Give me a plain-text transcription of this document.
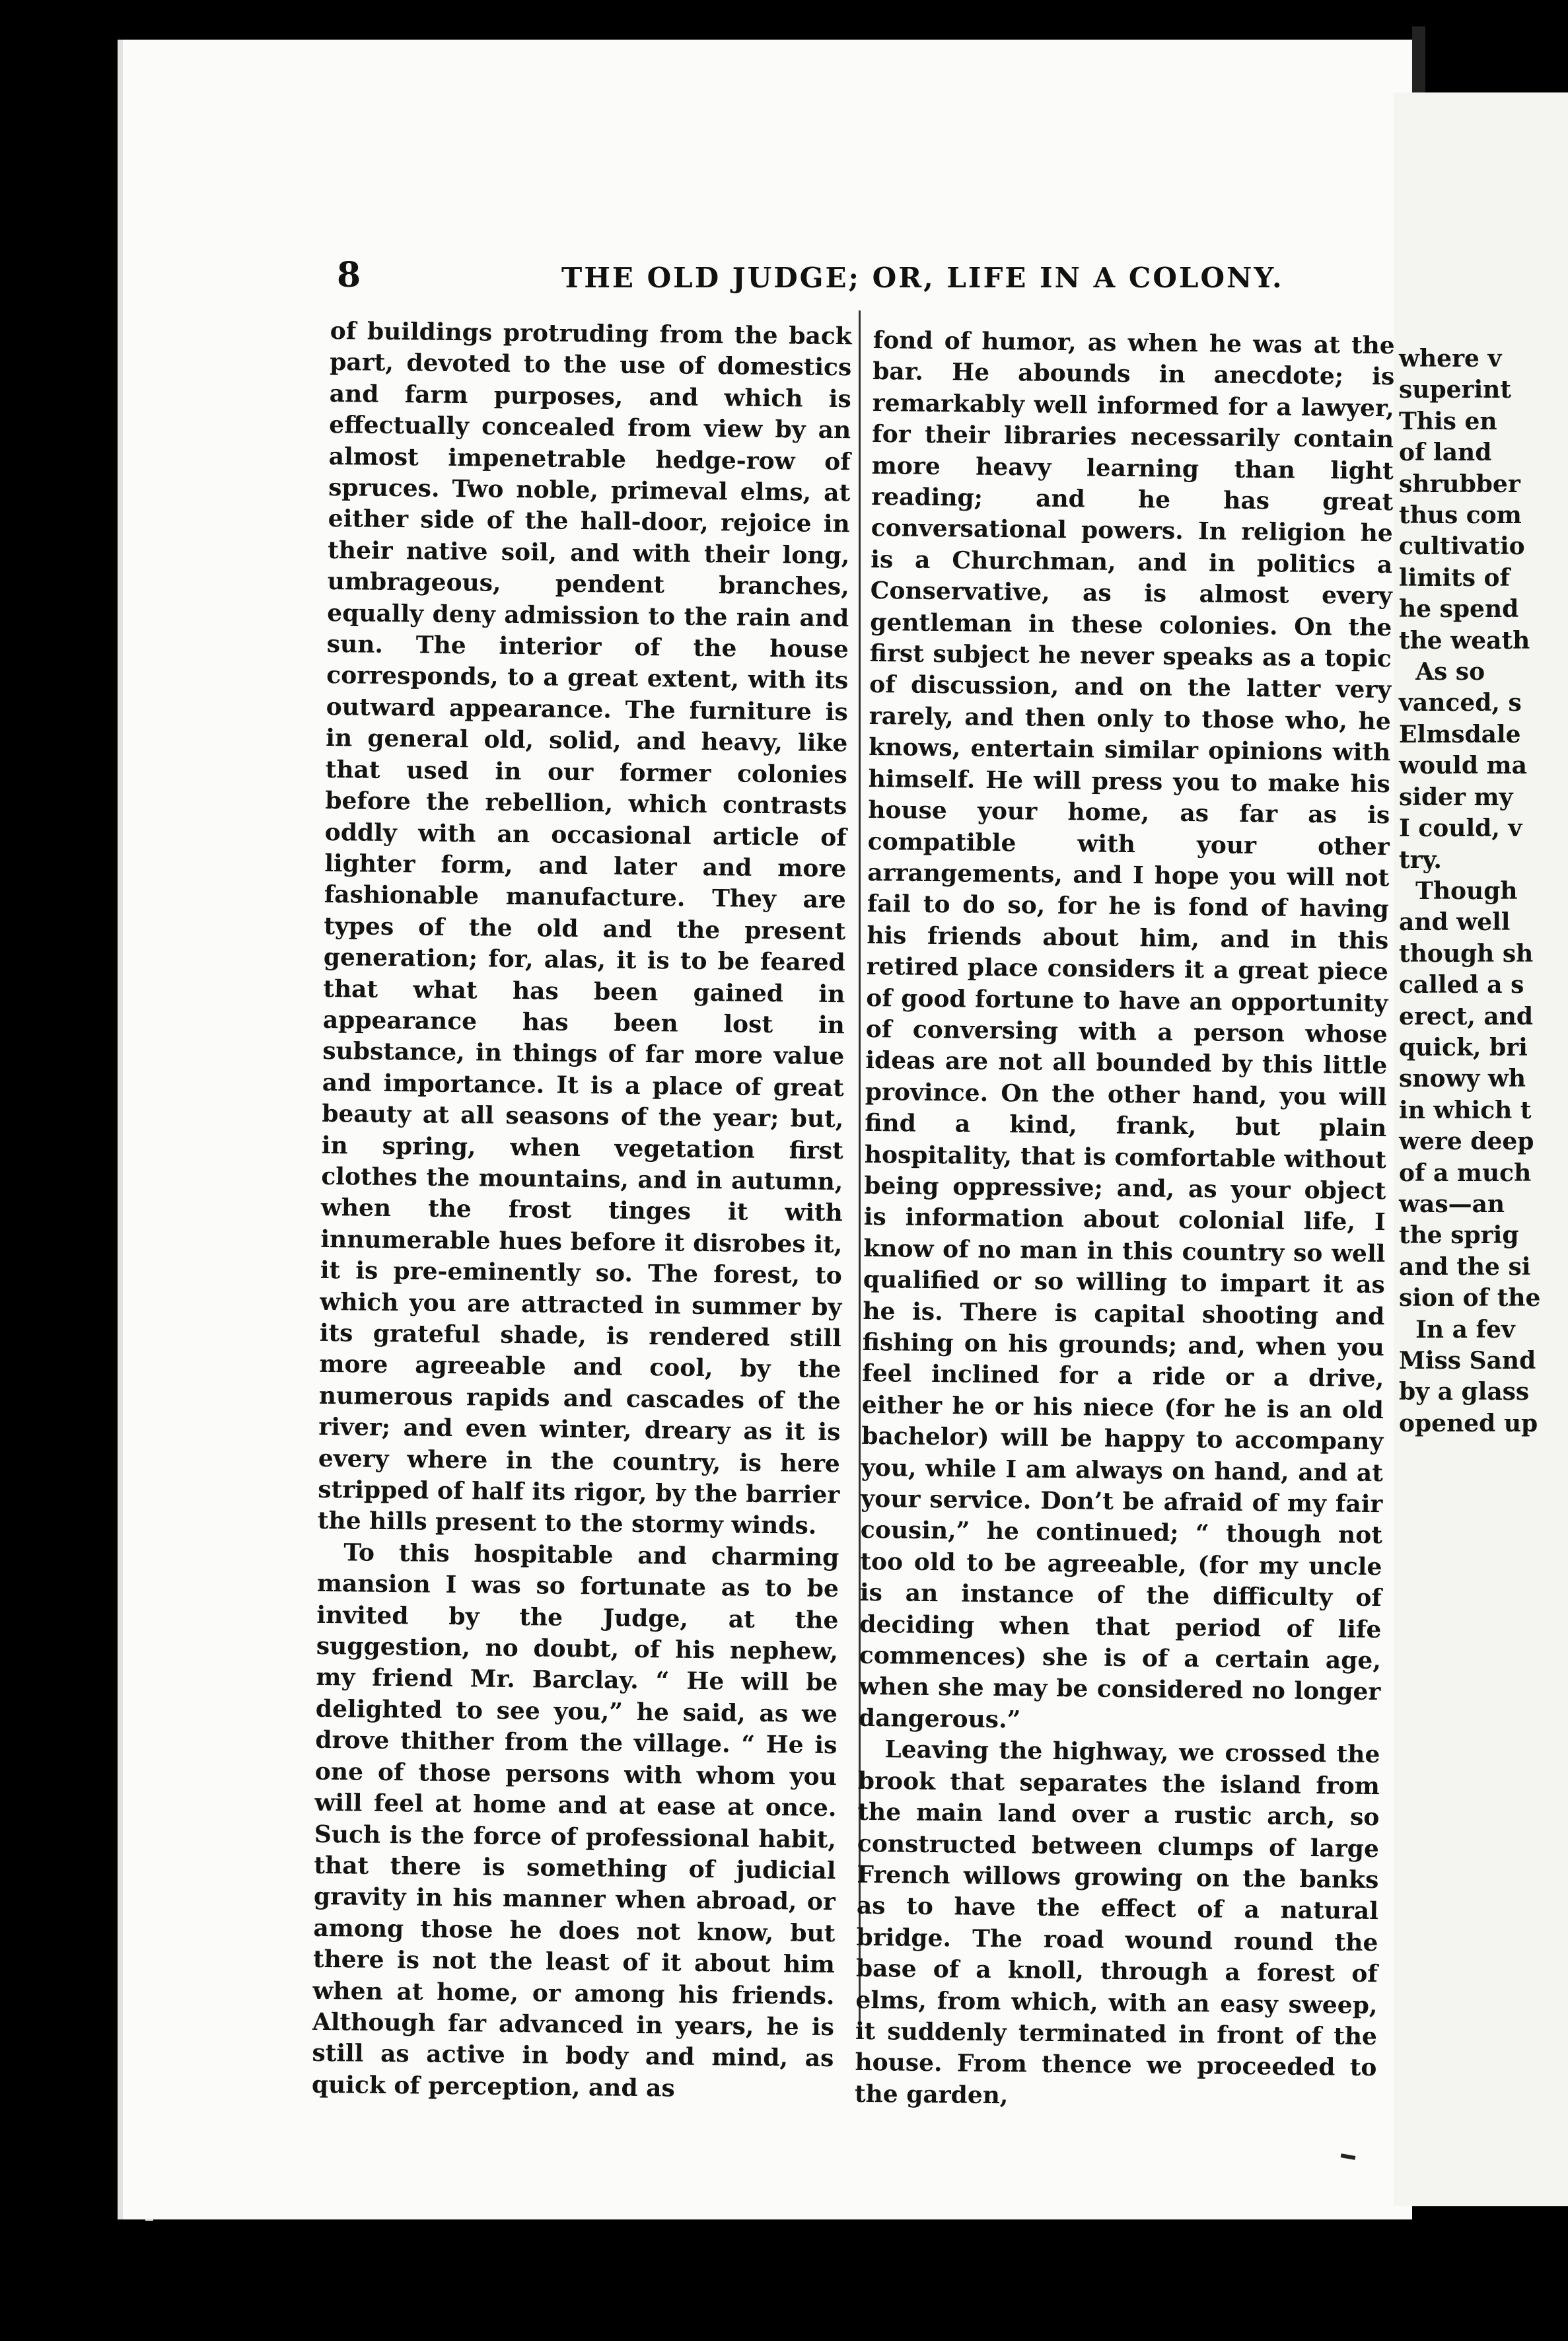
where v
superint
This en
of land
shrubber
thus com
cultivatio
limits of
he spend
the weath
As so
vanced, s
Elmsdale
would ma
sider my
I could, v
try.
Though
and well
though sh
called a s
erect, and
quick, bri
snowy wh
in which t
were deep
of a much
was—an
the sprig
and the si
sion of the
In a fev
Miss Sand
by a glass
opened up
8	THE OLD JUDGE; OR, LIFE IN A COLONY.

of buildings protruding from the back part, devoted to the use of domestics and farm purposes, and which is effectually concealed from view by an almost impenetrable hedge-row of spruces. Two noble, primeval elms, at either side of the hall-door, rejoice in their native soil, and with their long, umbrageous, pendent branches, equally deny admission to the rain and sun. The interior of the house corresponds, to a great extent, with its outward appearance. The furniture is in general old, solid, and heavy, like that used in our former colonies before the rebellion, which contrasts oddly with an occasional article of lighter form, and later and more fashionable manufacture. They are types of the old and the present generation; for, alas, it is to be feared that what has been gained in appearance has been lost in substance, in things of far more value and importance. It is a place of great beauty at all seasons of the year; but, in spring, when vegetation first clothes the mountains, and in autumn, when the frost tinges it with innumerable hues before it disrobes it, it is pre-eminently so. The forest, to which you are attracted in summer by its grateful shade, is rendered still more agreeable and cool, by the numerous rapids and cascades of the river; and even winter, dreary as it is every where in the country, is here stripped of half its rigor, by the barrier the hills present to the stormy winds.

To this hospitable and charming mansion I was so fortunate as to be invited by the Judge, at the suggestion, no doubt, of his nephew, my friend Mr. Barclay. “ He will be delighted to see you,” he said, as we drove thither from the village. “ He is one of those persons with whom you will feel at home and at ease at once. Such is the force of professional habit, that there is something of judicial gravity in his manner when abroad, or among those he does not know, but there is not the least of it about him when at home, or among his friends. Although far advanced in years, he is still as active in body and mind, as quick of perception, and as

fond of humor, as when he was at the bar. He abounds in anecdote; is remarkably well informed for a lawyer, for their libraries necessarily contain more heavy learning than light reading; and he has great conversational powers. In religion he is a Churchman, and in politics a Conservative, as is almost every gentleman in these colonies. On the first subject he never speaks as a topic of discussion, and on the latter very rarely, and then only to those who, he knows, entertain similar opinions with himself. He will press you to make his house your home, as far as is compatible with your other arrangements, and I hope you will not fail to do so, for he is fond of having his friends about him, and in this retired place considers it a great piece of good fortune to have an opportunity of conversing with a person whose ideas are not all bounded by this little province. On the other hand, you will find a kind, frank, but plain hospitality, that is comfortable without being oppressive; and, as your object is information about colonial life, I know of no man in this country so well qualified or so willing to impart it as he is. There is capital shooting and fishing on his grounds; and, when you feel inclined for a ride or a drive, either he or his niece (for he is an old bachelor) will be happy to accompany you, while I am always on hand, and at your service. Don’t be afraid of my fair cousin,” he continued; “ though not too old to be agreeable, (for my uncle is an instance of the difficulty of deciding when that period of life commences) she is of a certain age, when she may be considered no longer dangerous.”

Leaving the highway, we crossed the brook that separates the island from the main land over a rustic arch, so constructed between clumps of large French willows growing on the banks as to have the effect of a natural bridge. The road wound round the base of a knoll, through a forest of elms, from which, with an easy sweep, it suddenly terminated in front of the house. From thence we proceeded to the garden,
